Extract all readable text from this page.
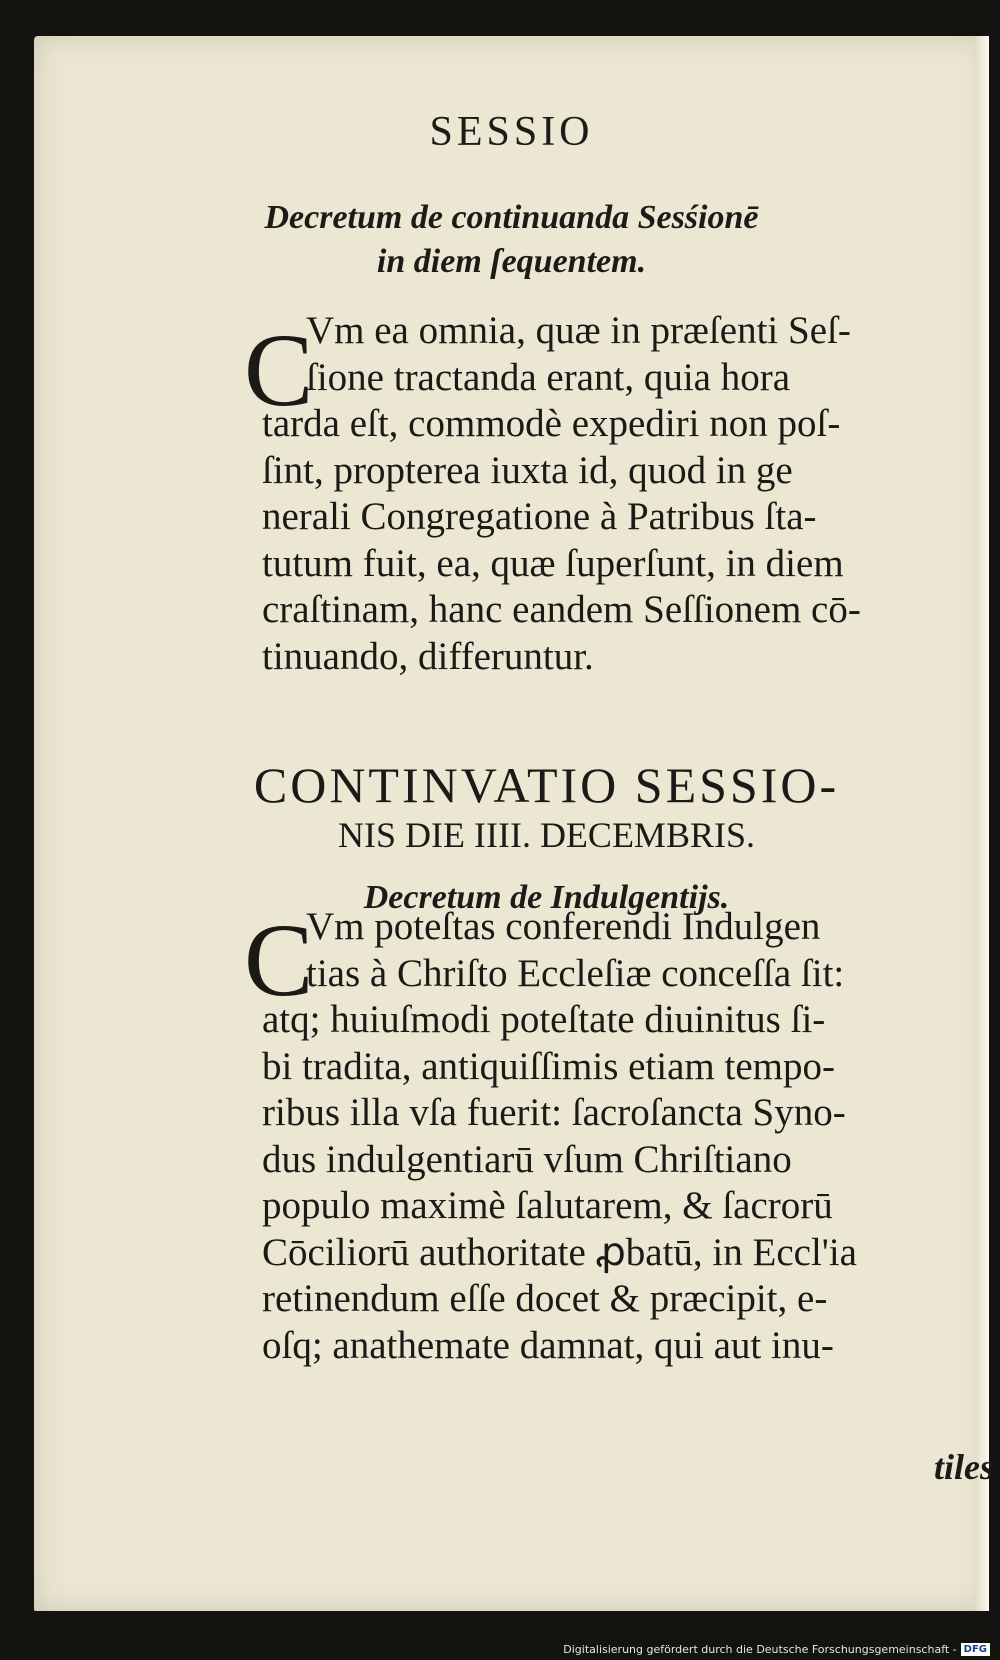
SESSIO
Decretum de continuanda Sesśionē
in diem ſequentem.
C
Vm ea omnia, quæ in præſenti Seſ-
ſione tractanda erant, quia hora
tarda eſt, commodè expediri non poſ-
ſint, propterea iuxta id, quod in ge
nerali Congregatione à Patribus ſta-
tutum fuit, ea, quæ ſuperſunt, in diem
craſtinam, hanc eandem Seſſionem cō-
tinuando, differuntur.
CONTINVATIO SESSIO-
NIS DIE IIII. DECEMBRIS.
Decretum de Indulgentijs.
C
Vm poteſtas conferendi Indulgen
tias à Chriſto Eccleſiæ conceſſa ſit:
atq; huiuſmodi poteſtate diuinitus ſi-
bi tradita, antiquiſſimis etiam tempo-
ribus illa vſa fuerit: ſacroſancta Syno-
dus indulgentiarū vſum Chriſtiano
populo maximè ſalutarem, & ſacrorū
Cōciliorū authoritate ꝓbatū, in Eccl'ia
retinendum eſſe docet & præcipit, e-
oſq; anathemate damnat, qui aut inu-
tiles
Digitalisierung gefördert durch die Deutsche Forschungsgemeinschaft - DFG
